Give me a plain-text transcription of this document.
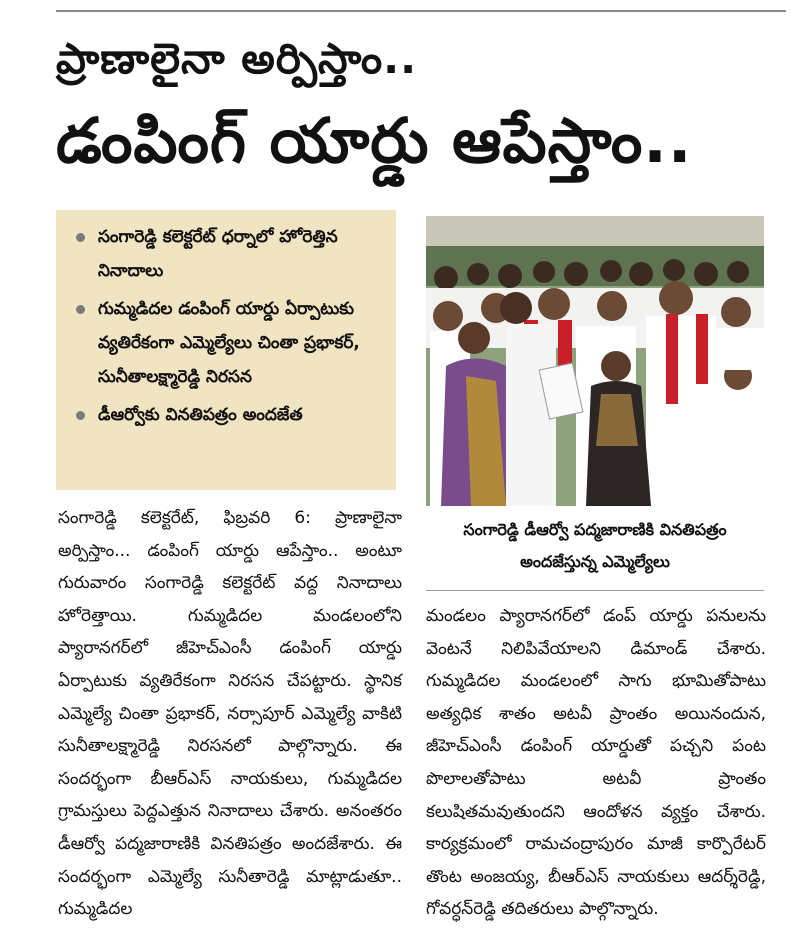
ప్రాణాలైనా అర్పిస్తాం..
డంపింగ్ యార్డు ఆపేస్తాం..
సంగారెడ్డి కలెక్టరేట్ ధర్నాలో హోరెత్తిన నినాదాలు
గుమ్మడిదల డంపింగ్ యార్డు ఏర్పాటుకు వ్యతిరేకంగా ఎమ్మెల్యేలు చింతా ప్రభాకర్, సునీతాలక్ష్మారెడ్డి నిరసన
డీఆర్వోకు వినతిపత్రం అందజేత
సంగారెడ్డి డీఆర్వో పద్మజారాణికి వినతిపత్రం అందజేస్తున్న ఎమ్మెల్యేలు

సంగారెడ్డి కలెక్టరేట్, ఫిబ్రవరి 6: ప్రాణాలైనా అర్పిస్తాం... డంపింగ్ యార్డు ఆపేస్తాం.. అంటూ గురువారం సంగారెడ్డి కలెక్టరేట్ వద్ద నినాదాలు హోరెత్తాయి. గుమ్మడిదల మండలంలోని ప్యారానగర్‌లో జీహెచ్‌ఎంసీ డంపింగ్ యార్డు ఏర్పాటుకు వ్యతిరేకంగా నిరసన చేపట్టారు. స్థానిక ఎమ్మెల్యే చింతా ప్రభాకర్, నర్సాపూర్ ఎమ్మెల్యే వాకిటి సునీతాలక్ష్మారెడ్డి నిరసనలో పాల్గొన్నారు. ఈ సందర్భంగా బీఆర్‌ఎస్ నాయకులు, గుమ్మడిదల గ్రామస్తులు పెద్దఎత్తున నినాదాలు చేశారు. అనంతరం డీఆర్వో పద్మజారాణికి వినతిపత్రం అందజేశారు. ఈ సందర్భంగా ఎమ్మెల్యే సునీతారెడ్డి మాట్లాడుతూ.. గుమ్మడిదల

మండలం ప్యారానగర్‌లో డంప్ యార్డు పనులను వెంటనే నిలిపివేయాలని డిమాండ్ చేశారు. గుమ్మడిదల మండలంలో సాగు భూమితోపాటు అత్యధిక శాతం అటవీ ప్రాంతం అయినందున, జీహెచ్‌ఎంసీ డంపింగ్ యార్డుతో పచ్చని పంట పొలాలతోపాటు అటవీ ప్రాంతం కలుషితమవుతుందని ఆందోళన వ్యక్తం చేశారు. కార్యక్రమంలో రామచంద్రాపురం మాజీ కార్పొరేటర్ తొంట అంజయ్య, బీఆర్‌ఎస్ నాయకులు ఆదర్శ్‌రెడ్డి, గోవర్ధన్‌రెడ్డి తదితరులు పాల్గొన్నారు.
